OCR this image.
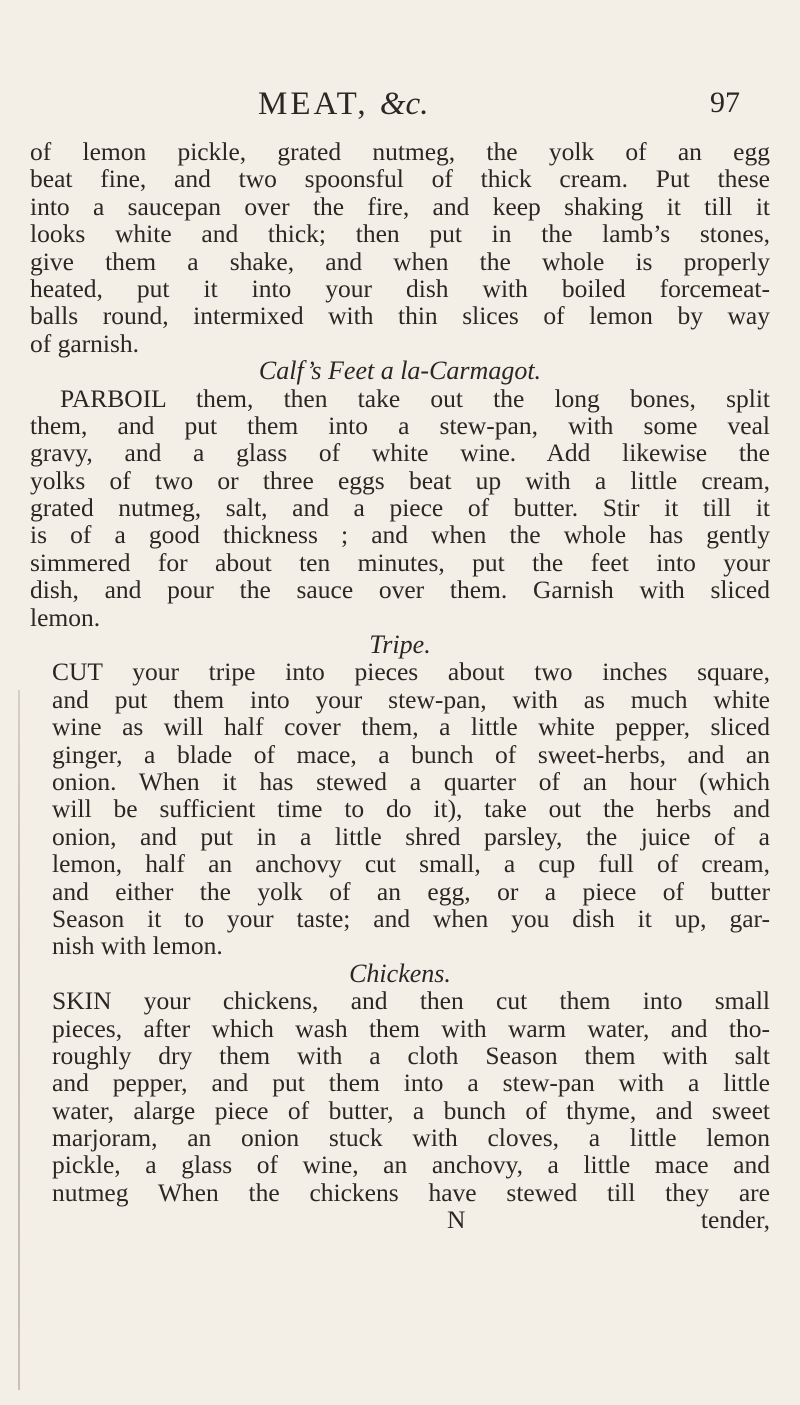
MEAT, &c.	97
of lemon pickle, grated nutmeg, the yolk of an egg
beat fine, and two spoonsful of thick cream. Put these
into a saucepan over the fire, and keep shaking it till it
looks white and thick; then put in the lamb’s stones,
give them a shake, and when the whole is properly
heated, put it into your dish with boiled forcemeat-
balls round, intermixed with thin slices of lemon by way
of garnish.
Calf’s Feet a la-Carmagot.
PARBOIL them, then take out the long bones, split
them, and put them into a stew-pan, with some veal
gravy, and a glass of white wine. Add likewise the
yolks of two or three eggs beat up with a little cream,
grated nutmeg, salt, and a piece of butter. Stir it till it
is of a good thickness ; and when the whole has gently
simmered for about ten minutes, put the feet into your
dish, and pour the sauce over them. Garnish with sliced
lemon.
Tripe.
CUT your tripe into pieces about two inches square,
and put them into your stew-pan, with as much white
wine as will half cover them, a little white pepper, sliced
ginger, a blade of mace, a bunch of sweet-herbs, and an
onion. When it has stewed a quarter of an hour (which
will be sufficient time to do it), take out the herbs and
onion, and put in a little shred parsley, the juice of a
lemon, half an anchovy cut small, a cup full of cream,
and either the yolk of an egg, or a piece of butter
Season it to your taste; and when you dish it up, gar-
nish with lemon.
Chickens.
SKIN your chickens, and then cut them into small
pieces, after which wash them with warm water, and tho-
roughly dry them with a cloth Season them with salt
and pepper, and put them into a stew-pan with a little
water, alarge piece of butter, a bunch of thyme, and sweet
marjoram, an onion stuck with cloves, a little lemon
pickle, a glass of wine, an anchovy, a little mace and
nutmeg When the chickens have stewed till they are
N	tender,
